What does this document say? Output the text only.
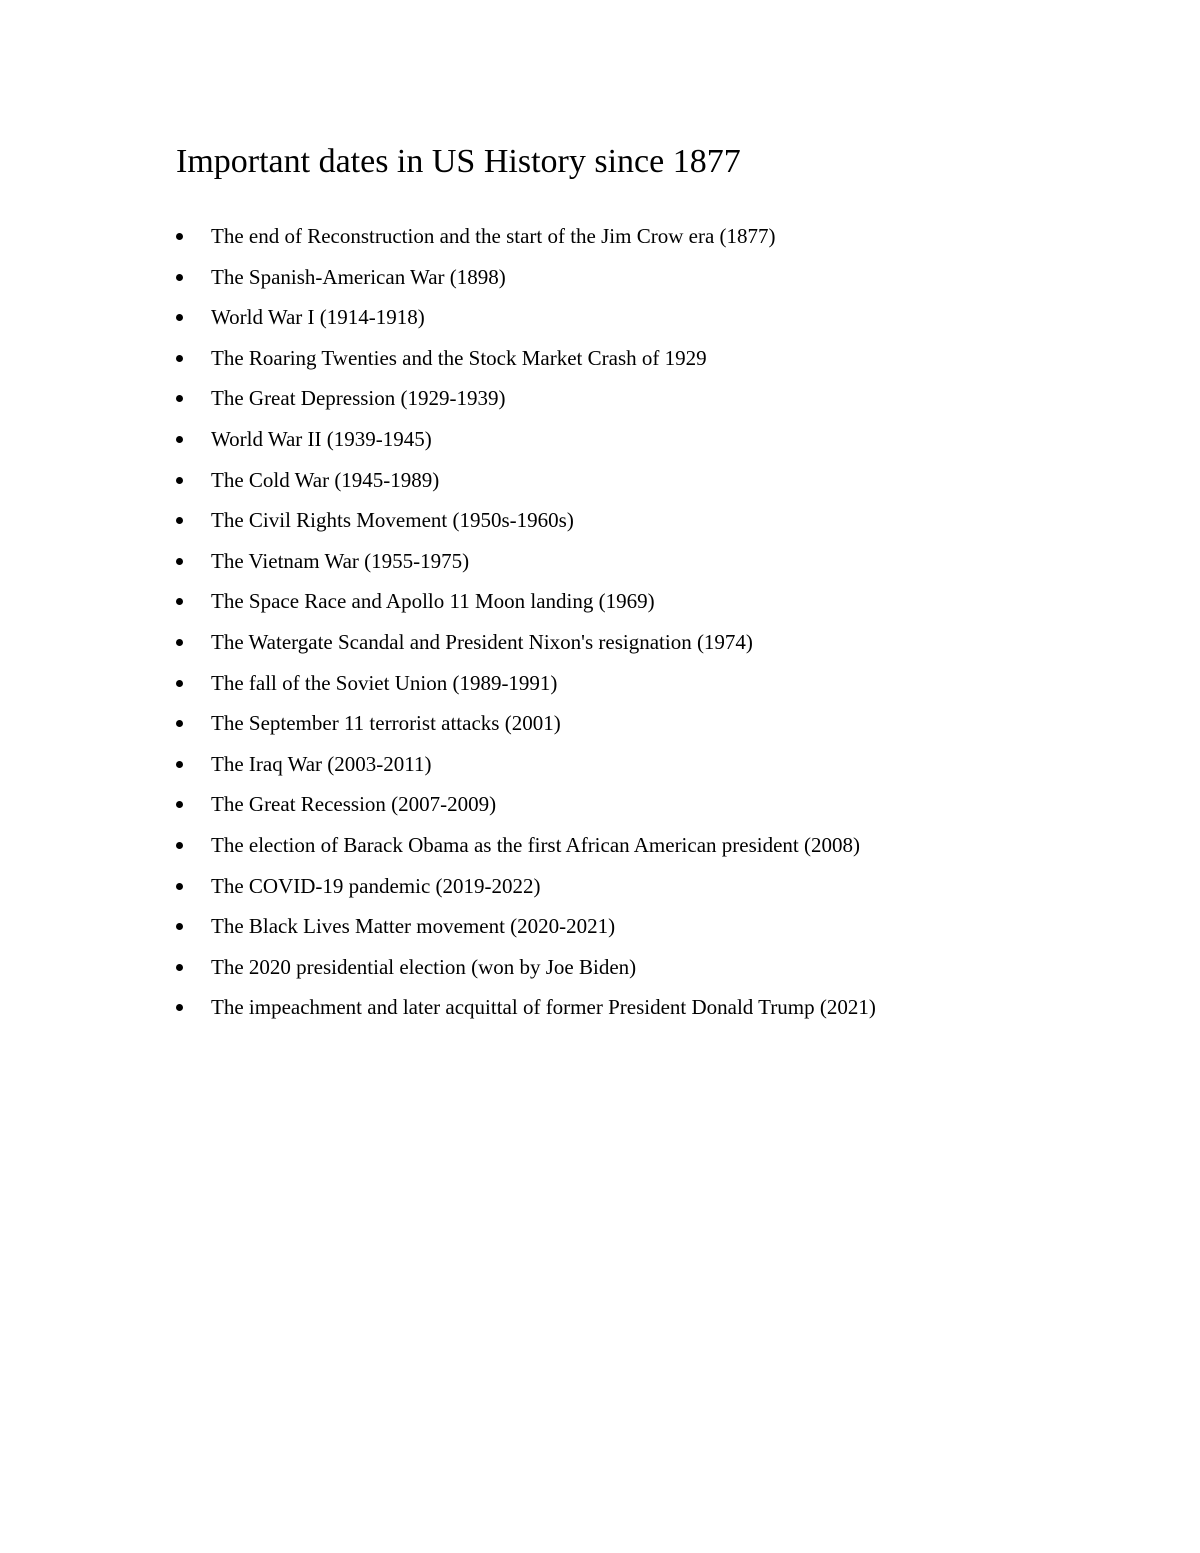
Important dates in US History since 1877
The end of Reconstruction and the start of the Jim Crow era (1877)
The Spanish-American War (1898)
World War I (1914-1918)
The Roaring Twenties and the Stock Market Crash of 1929
The Great Depression (1929-1939)
World War II (1939-1945)
The Cold War (1945-1989)
The Civil Rights Movement (1950s-1960s)
The Vietnam War (1955-1975)
The Space Race and Apollo 11 Moon landing (1969)
The Watergate Scandal and President Nixon's resignation (1974)
The fall of the Soviet Union (1989-1991)
The September 11 terrorist attacks (2001)
The Iraq War (2003-2011)
The Great Recession (2007-2009)
The election of Barack Obama as the first African American president (2008)
The COVID-19 pandemic (2019-2022)
The Black Lives Matter movement (2020-2021)
The 2020 presidential election (won by Joe Biden)
The impeachment and later acquittal of former President Donald Trump (2021)
